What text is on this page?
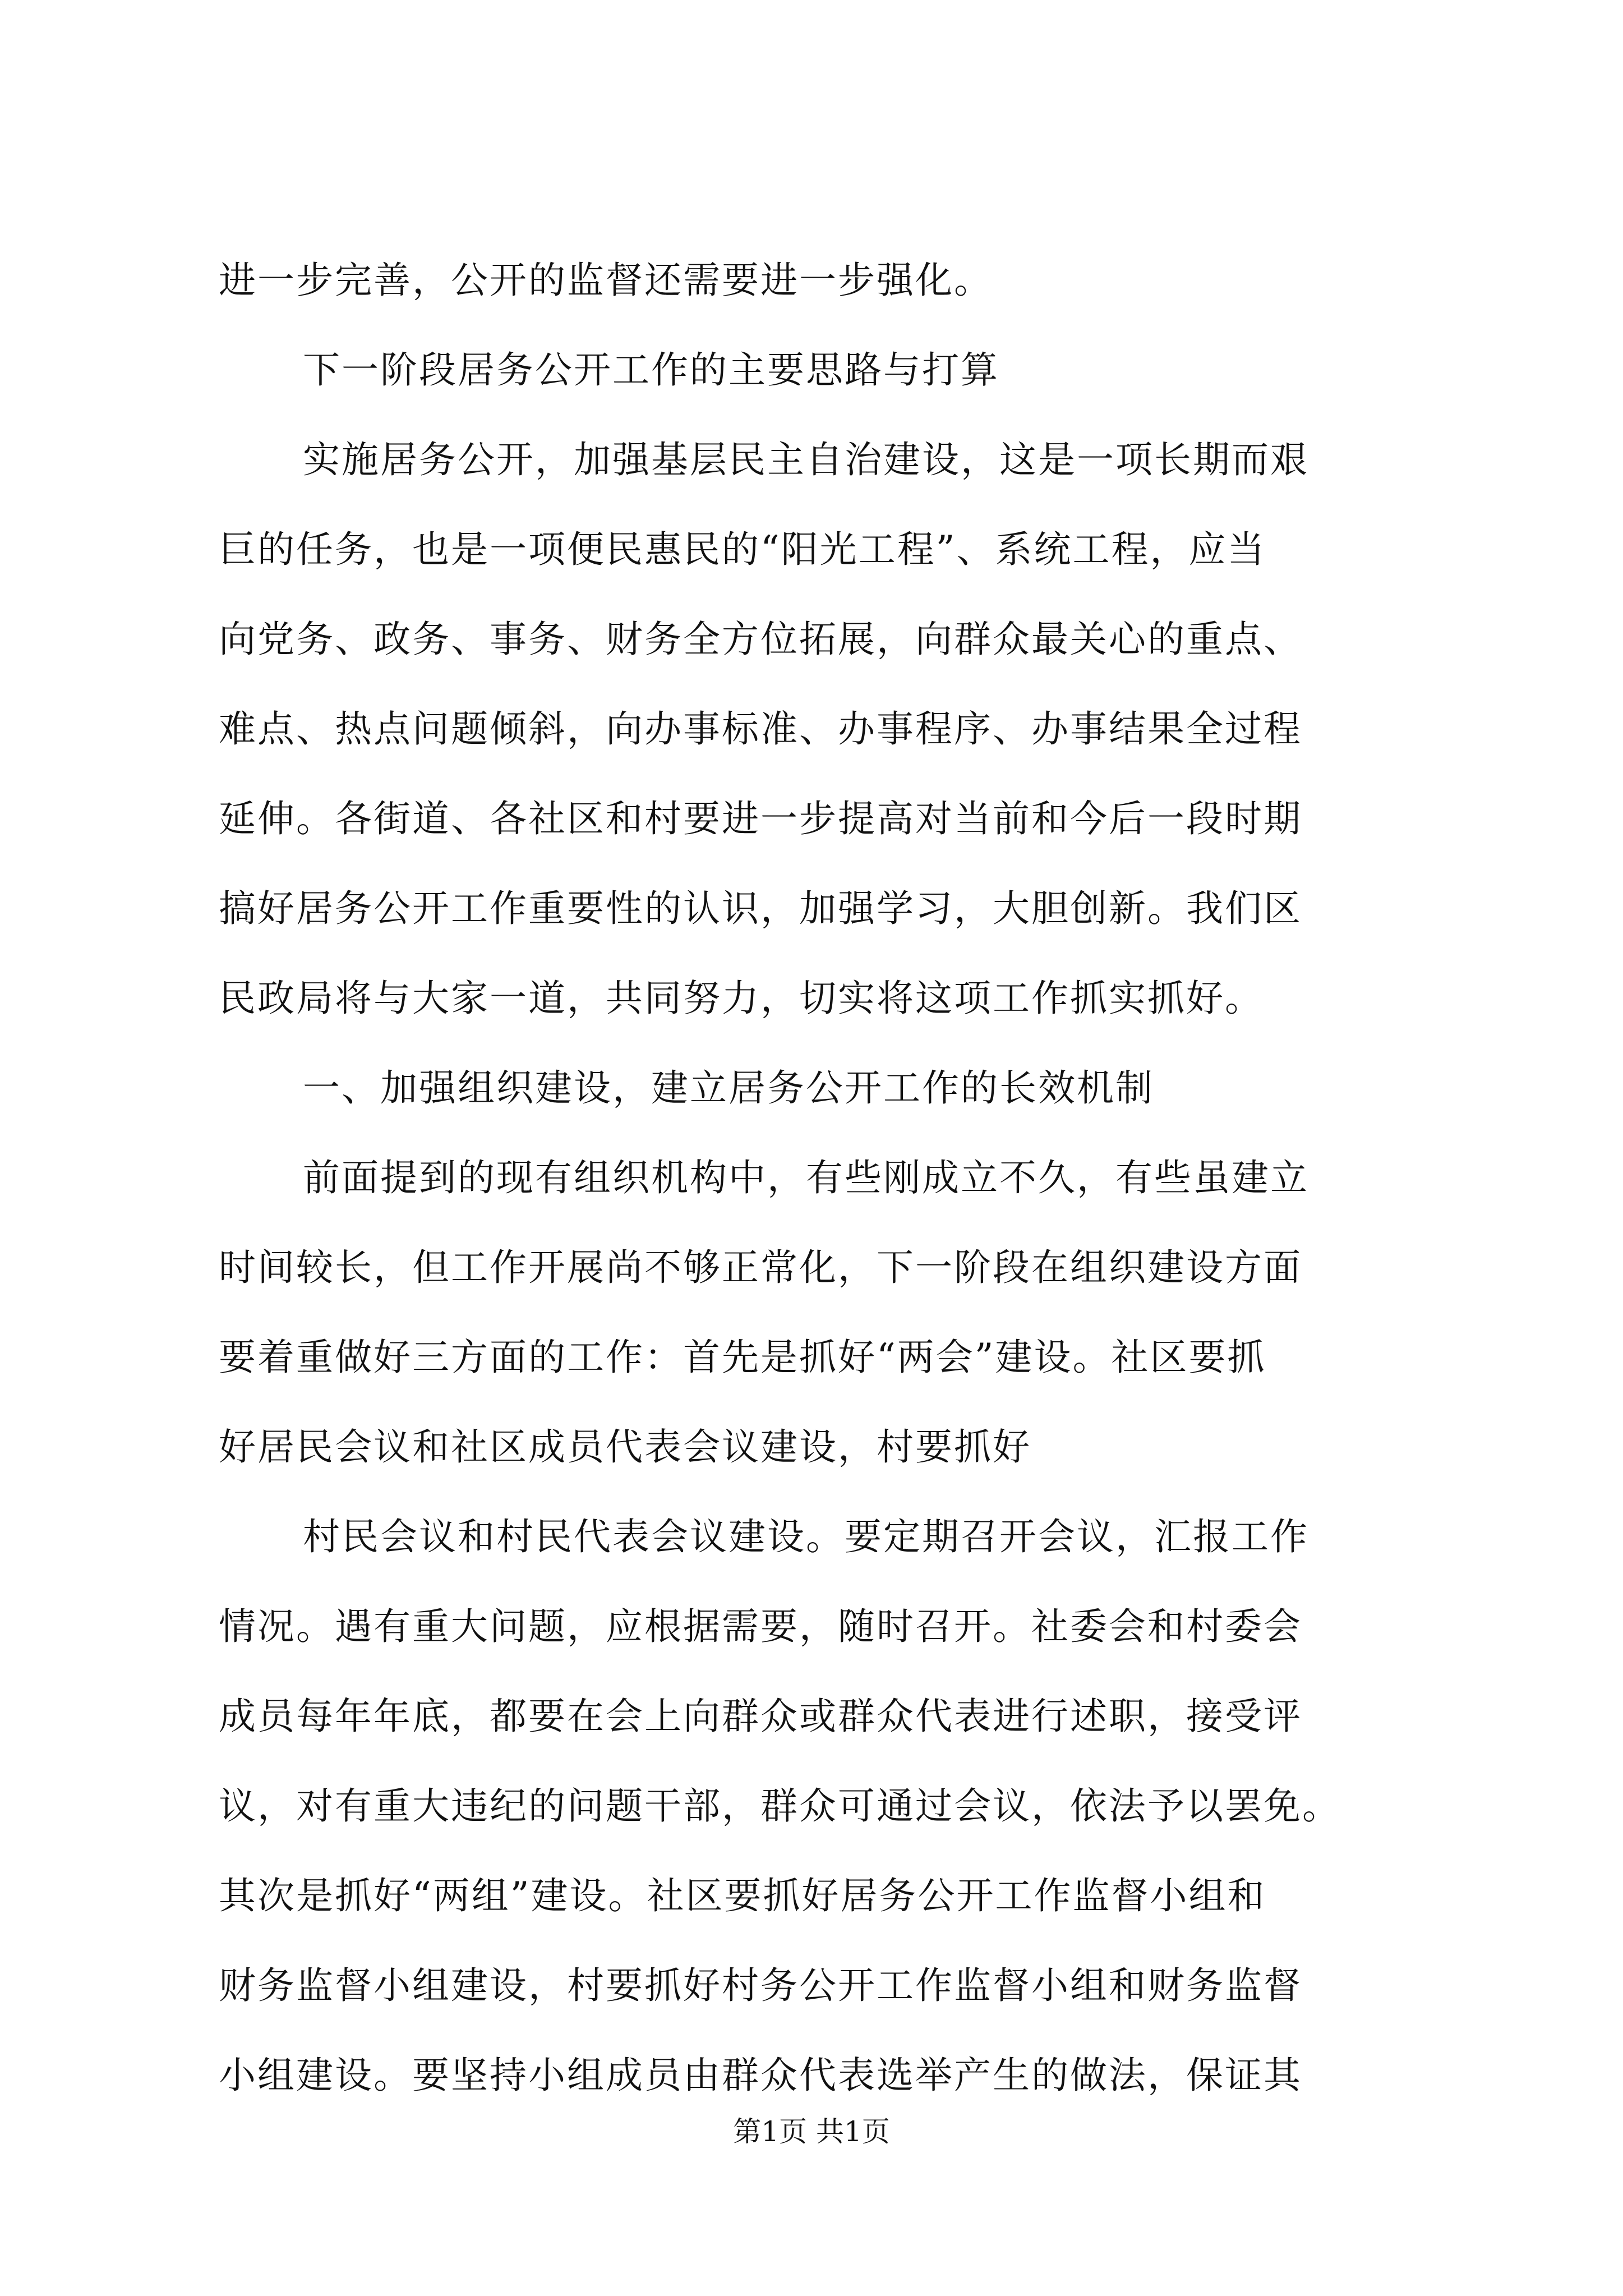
进一步完善，公开的监督还需要进一步强化。
下一阶段居务公开工作的主要思路与打算
实施居务公开，加强基层民主自治建设，这是一项长期而艰
巨的任务，也是一项便民惠民的“阳光工程”、系统工程，应当
向党务、政务、事务、财务全方位拓展，向群众最关心的重点、
难点、热点问题倾斜，向办事标准、办事程序、办事结果全过程
延伸。各街道、各社区和村要进一步提高对当前和今后一段时期
搞好居务公开工作重要性的认识，加强学习，大胆创新。我们区
民政局将与大家一道，共同努力，切实将这项工作抓实抓好。
一、加强组织建设，建立居务公开工作的长效机制
前面提到的现有组织机构中，有些刚成立不久，有些虽建立
时间较长，但工作开展尚不够正常化，下一阶段在组织建设方面
要着重做好三方面的工作：首先是抓好“两会”建设。社区要抓
好居民会议和社区成员代表会议建设，村要抓好
村民会议和村民代表会议建设。要定期召开会议，汇报工作
情况。遇有重大问题，应根据需要，随时召开。社委会和村委会
成员每年年底，都要在会上向群众或群众代表进行述职，接受评
议，对有重大违纪的问题干部，群众可通过会议，依法予以罢免。
其次是抓好“两组”建设。社区要抓好居务公开工作监督小组和
财务监督小组建设，村要抓好村务公开工作监督小组和财务监督
小组建设。要坚持小组成员由群众代表选举产生的做法，保证其
第1页 共1页
